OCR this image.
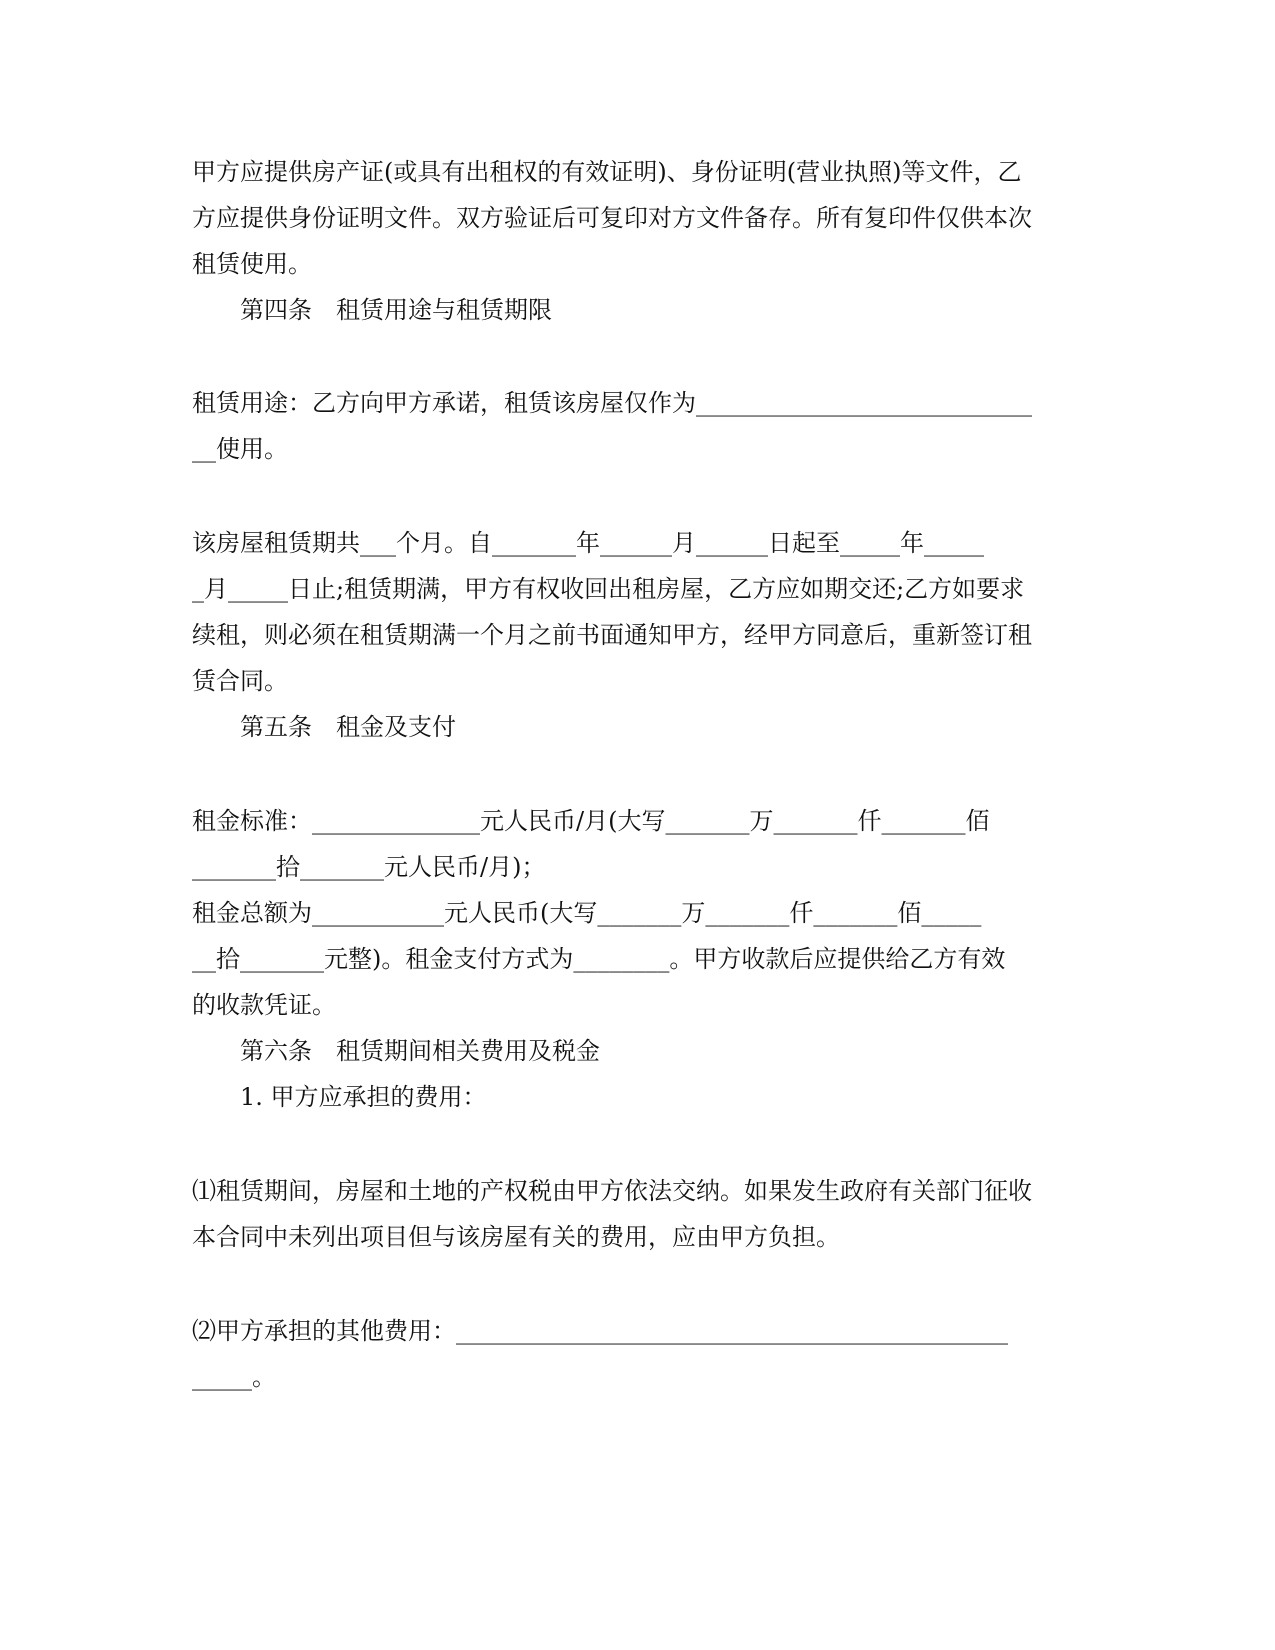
甲方应提供房产证(或具有出租权的有效证明)、身份证明(营业执照)等文件，乙
方应提供身份证明文件。双方验证后可复印对方文件备存。所有复印件仅供本次
租赁使用。
第四条　租赁用途与租赁期限
租赁用途：乙方向甲方承诺，租赁该房屋仅作为____________________________
__使用。
该房屋租赁期共___个月。自_______年______月______日起至_____年_____
_月_____日止;租赁期满，甲方有权收回出租房屋，乙方应如期交还;乙方如要求
续租，则必须在租赁期满一个月之前书面通知甲方，经甲方同意后，重新签订租
赁合同。
第五条　租金及支付
租金标准：______________元人民币/月(大写_______万_______仟_______佰
_______拾_______元人民币/月)；
租金总额为___________元人民币(大写_______万_______仟_______佰_____
__拾_______元整)。租金支付方式为________。甲方收款后应提供给乙方有效
的收款凭证。
第六条　租赁期间相关费用及税金
1. 甲方应承担的费用：
⑴租赁期间，房屋和土地的产权税由甲方依法交纳。如果发生政府有关部门征收
本合同中未列出项目但与该房屋有关的费用，应由甲方负担。
⑵甲方承担的其他费用：______________________________________________
_____。
